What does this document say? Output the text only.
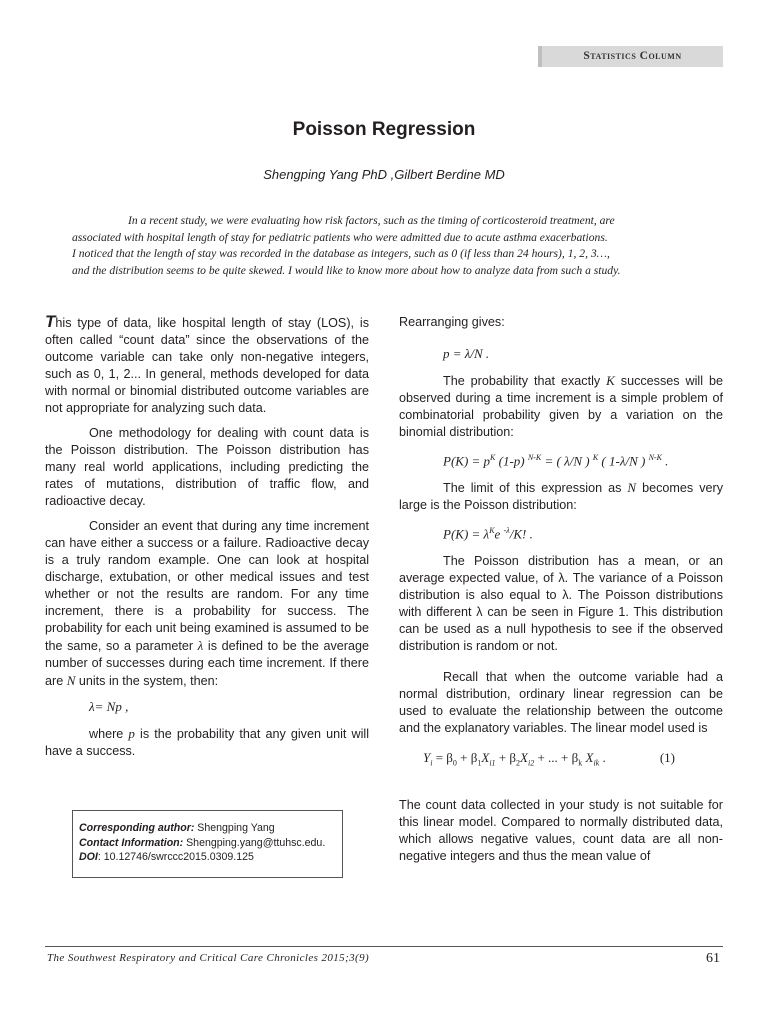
Statistics Column
Poisson Regression
Shengping Yang PhD ,Gilbert Berdine MD

In a recent study, we were evaluating how risk factors, such as the timing of corticosteroid treatment, are

associated with hospital length of stay for pediatric patients who were admitted due to acute asthma exacerbations.

I noticed that the length of stay was recorded in the database as integers, such as 0 (if less than 24 hours), 1, 2, 3…,

and the distribution seems to be quite skewed. I would like to know more about how to analyze data from such a study.

This type of data, like hospital length of stay (LOS), is often called “count data” since the observations of the outcome variable can take only non-negative integers, such as 0, 1, 2... In general, methods developed for data with normal or binomial distributed outcome variables are not appropriate for analyzing such data.

One methodology for dealing with count data is the Poisson distribution. The Poisson distribution has many real world applications, including predicting the rates of mutations, distribution of traffic flow, and radioactive decay.

Consider an event that during any time increment can have either a success or a failure. Radioactive decay is a truly random example. One can look at hospital discharge, extubation, or other medical issues and test whether or not the results are random. For any time increment, there is a probability for success. The probability for each unit being examined is assumed to be the same, so a parameter λ is defined to be the average number of successes during each time increment. If there are N units in the system, then:

λ= Np ,

where p is the probability that any given unit will have a success.

Corresponding author: Shengping Yang
Contact Information: Shengping.yang@ttuhsc.edu.
DOI: 10.12746/swrccc2015.0309.125

Rearranging gives:

p = λ/N .

The probability that exactly K successes will be observed during a time increment is a simple problem of combinatorial probability given by a variation on the binomial distribution:

$P(K) = p^K$ (1-p) $^{N-K}$ = ( λ/N ) $^K$ ( 1-λ/N ) $^{N-K}$ .

The limit of this expression as N becomes very large is the Poisson distribution:

$P(K) = \lambda^Ke$ $^{-\lambda}$/K! .

The Poisson distribution has a mean, or an average expected value, of λ. The variance of a Poisson distribution is also equal to λ. The Poisson distributions with different λ can be seen in Figure 1. This distribution can be used as a null hypothesis to see if the observed distribution is random or not.

Recall that when the outcome variable had a normal distribution, ordinary linear regression can be used to evaluate the relationship between the outcome and the explanatory variables. The linear model used is

$Y_i = \beta_0 + \beta_1X_{i1} + \beta_2X_{i2}$ + ... + $\beta_k$ $X_{ik}$ .	(1)

The count data collected in your study is not suitable for this linear model. Compared to normally distributed data, which allows negative values, count data are all non-negative integers and thus the mean value of

The Southwest Respiratory and Critical Care Chronicles 2015;3(9)	61
